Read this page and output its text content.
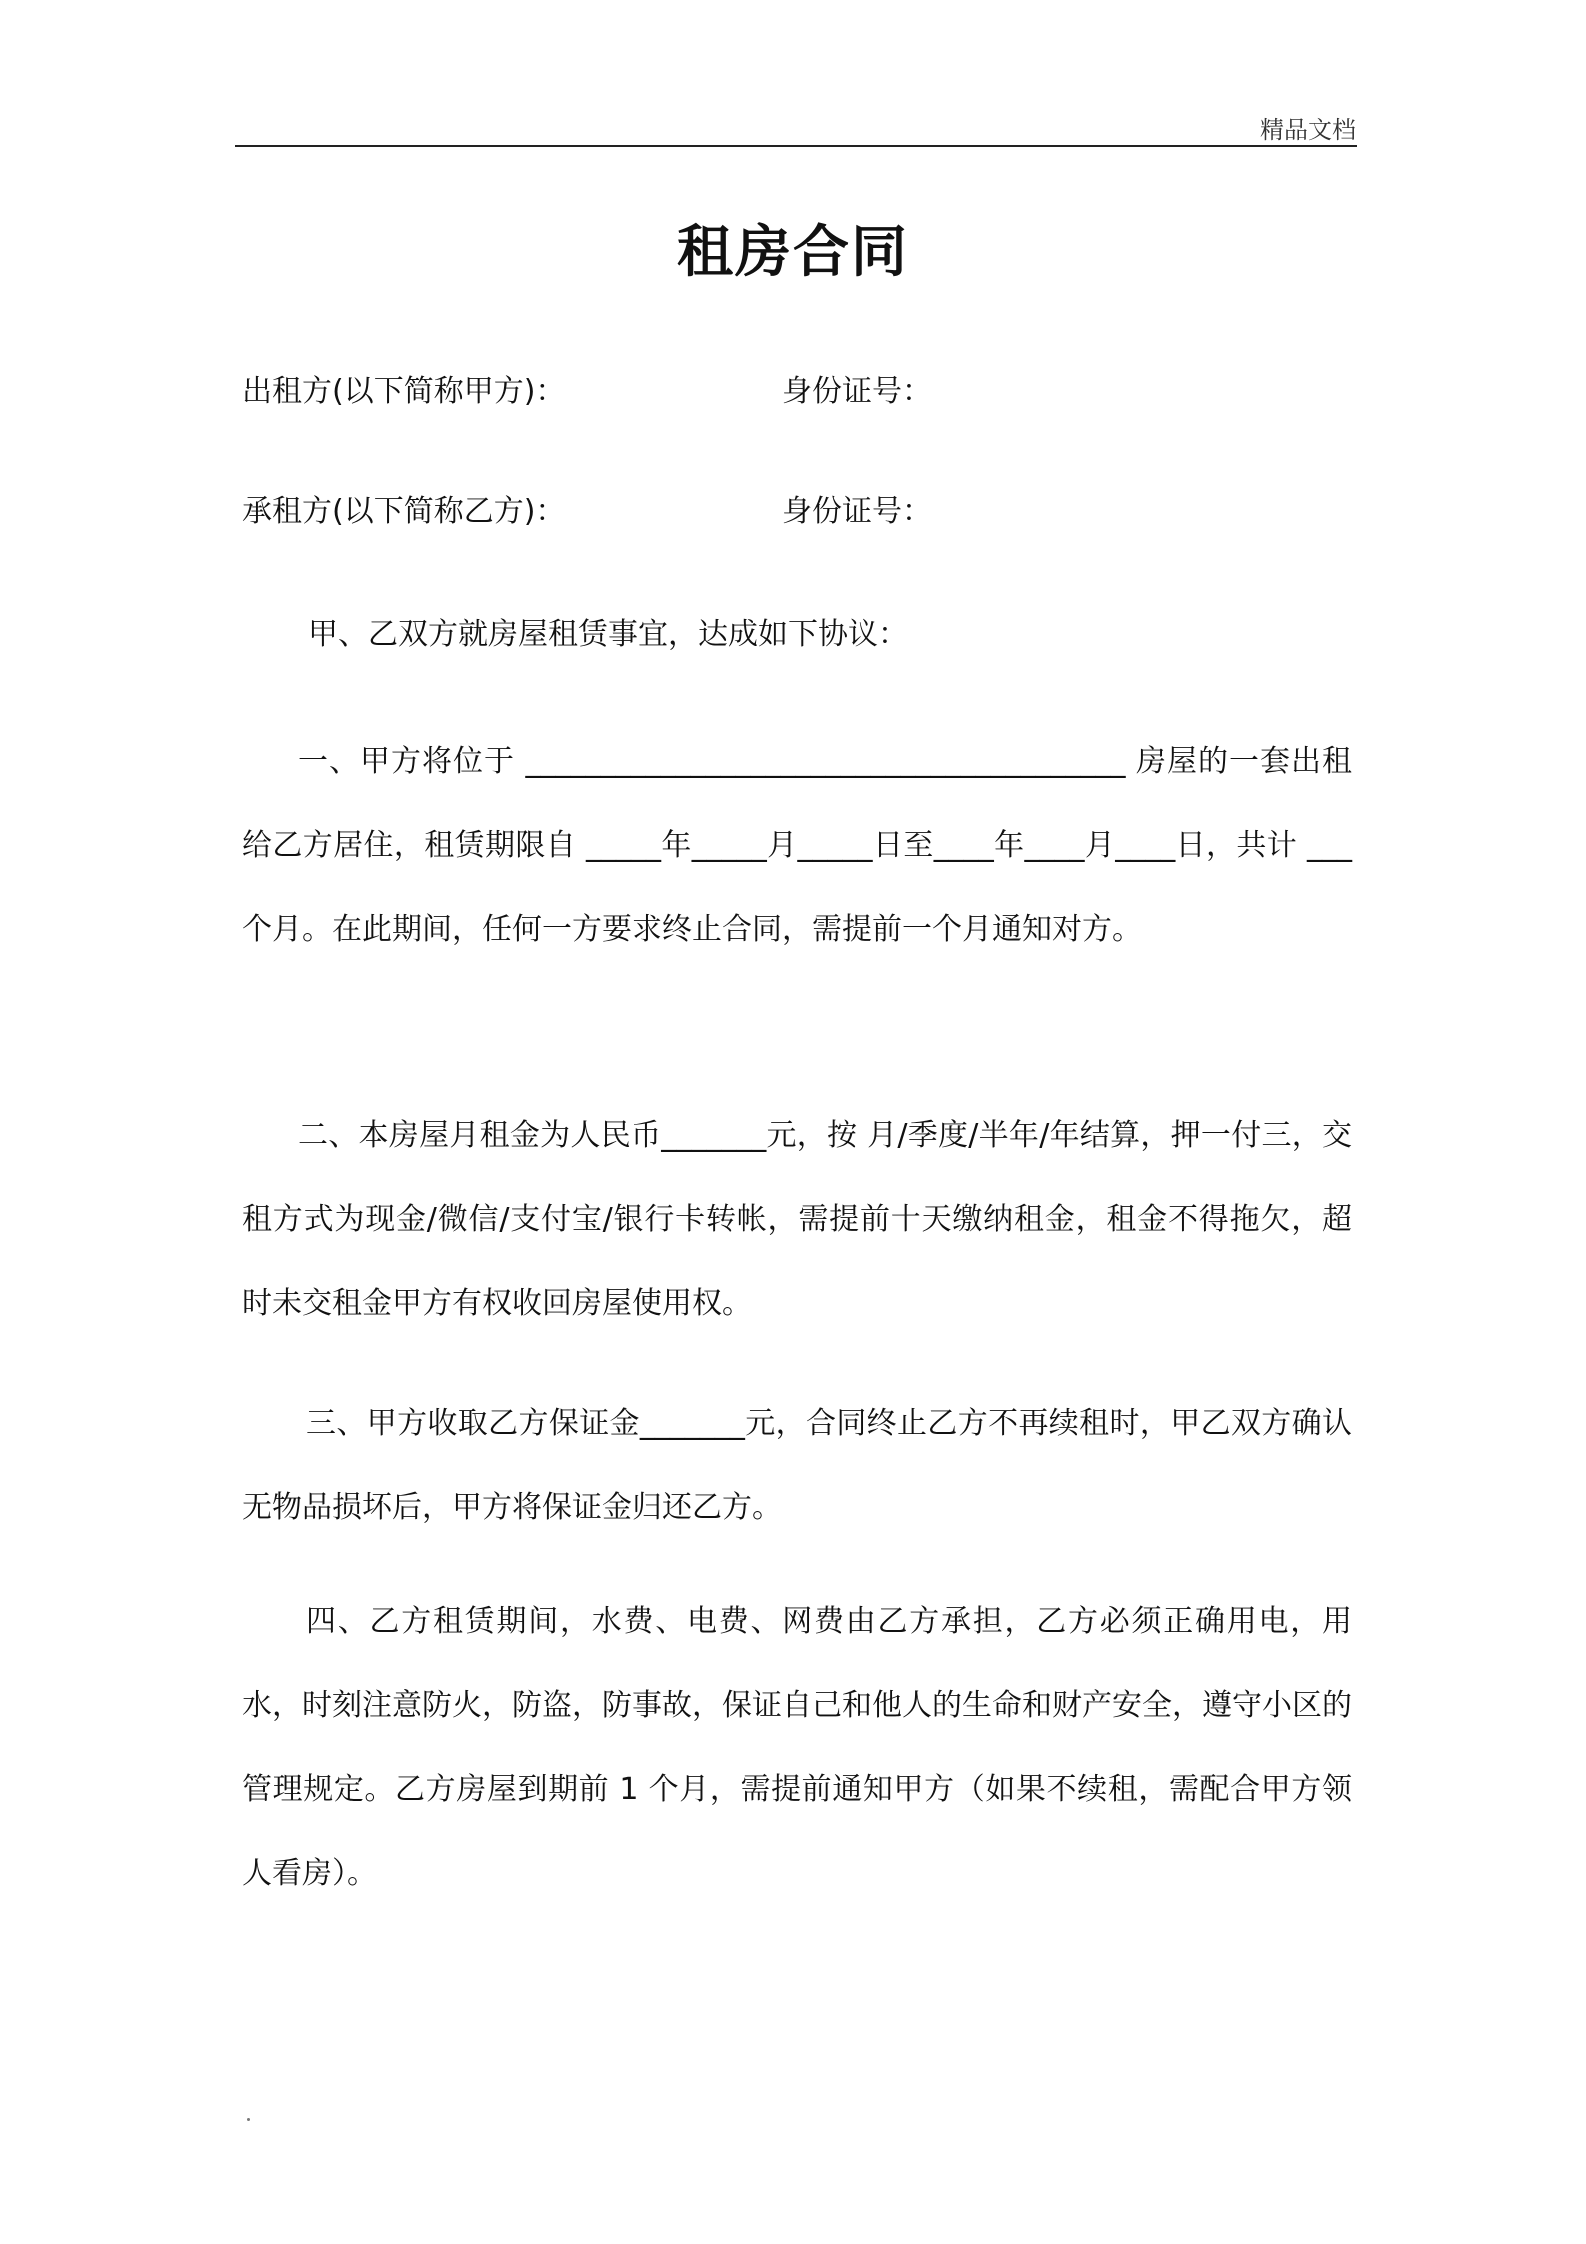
精品文档
租房合同
出租方(以下简称甲方)：	身份证号：
承租方(以下简称乙方)：	身份证号：
甲、乙双方就房屋租赁事宜，达成如下协议：

一、甲方将位于 ________________________________________ 房屋的一套出租给乙方居住，租赁期限自 _____年_____月_____日至____年____月____日，共计 ___个月。在此期间，任何一方要求终止合同，需提前一个月通知对方。

二、本房屋月租金为人民币_______元，按 月/季度/半年/年结算，押一付三，交租方式为现金/微信/支付宝/银行卡转帐，需提前十天缴纳租金，租金不得拖欠，超时未交租金甲方有权收回房屋使用权。

三、甲方收取乙方保证金_______元，合同终止乙方不再续租时，甲乙双方确认无物品损坏后，甲方将保证金归还乙方。

四、乙方租赁期间，水费、电费、网费由乙方承担，乙方必须正确用电，用水，时刻注意防火，防盗，防事故，保证自己和他人的生命和财产安全，遵守小区的管理规定。乙方房屋到期前 1 个月，需提前通知甲方（如果不续租，需配合甲方领人看房）。
